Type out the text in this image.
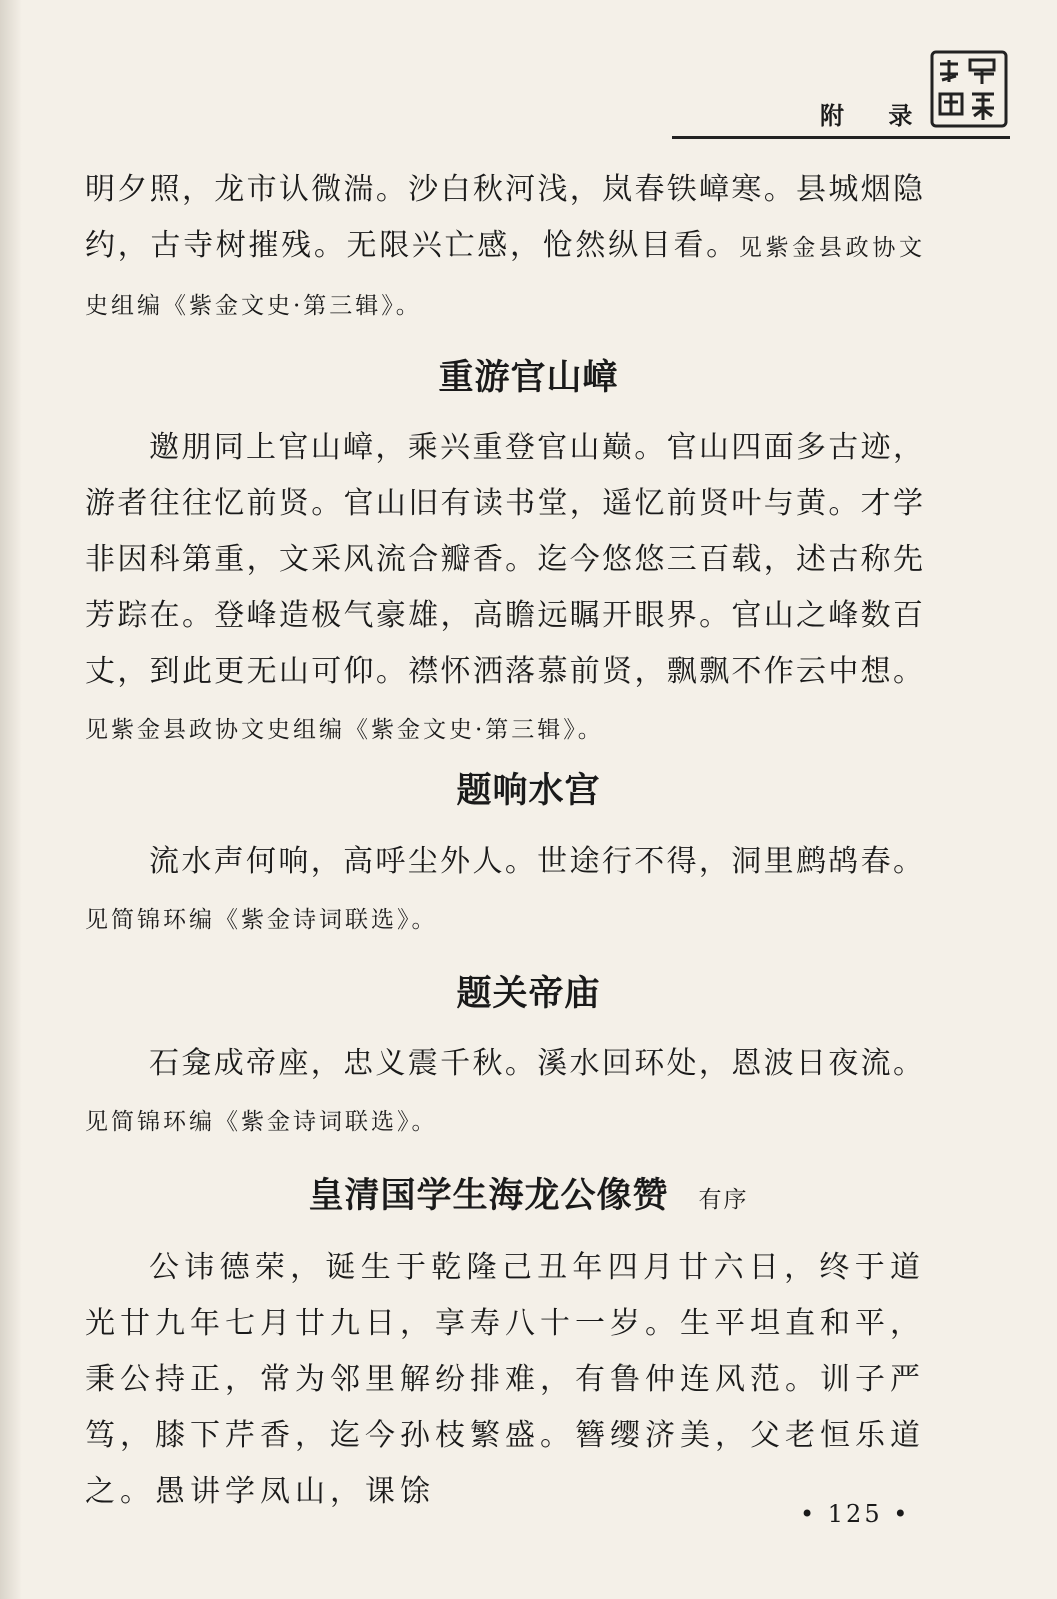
附 录
明夕照，龙市认微湍。沙白秋河浅，岚春铁嶂寒。县城烟隐约，古寺树摧残。无限兴亡感，怆然纵目看。见紫金县政协文史组编《紫金文史·第三辑》。
重游官山嶂
邀朋同上官山嶂，乘兴重登官山巅。官山四面多古迹，游者往往忆前贤。官山旧有读书堂，遥忆前贤叶与黄。才学非因科第重，文采风流合瓣香。迄今悠悠三百载，述古称先芳踪在。登峰造极气豪雄，高瞻远瞩开眼界。官山之峰数百丈，到此更无山可仰。襟怀洒落慕前贤，飘飘不作云中想。见紫金县政协文史组编《紫金文史·第三辑》。
题响水宫
流水声何响，高呼尘外人。世途行不得，洞里鹧鸪春。见简锦环编《紫金诗词联选》。
题关帝庙
石龛成帝座，忠义震千秋。溪水回环处，恩波日夜流。见简锦环编《紫金诗词联选》。
皇清国学生海龙公像赞 有序
公讳德荣，诞生于乾隆己丑年四月廿六日，终于道光廿九年七月廿九日，享寿八十一岁。生平坦直和平，秉公持正，常为邻里解纷排难，有鲁仲连风范。训子严笃，膝下芹香，迄今孙枝繁盛。簪缨济美，父老恒乐道之。愚讲学凤山，课馀
• 125 •
